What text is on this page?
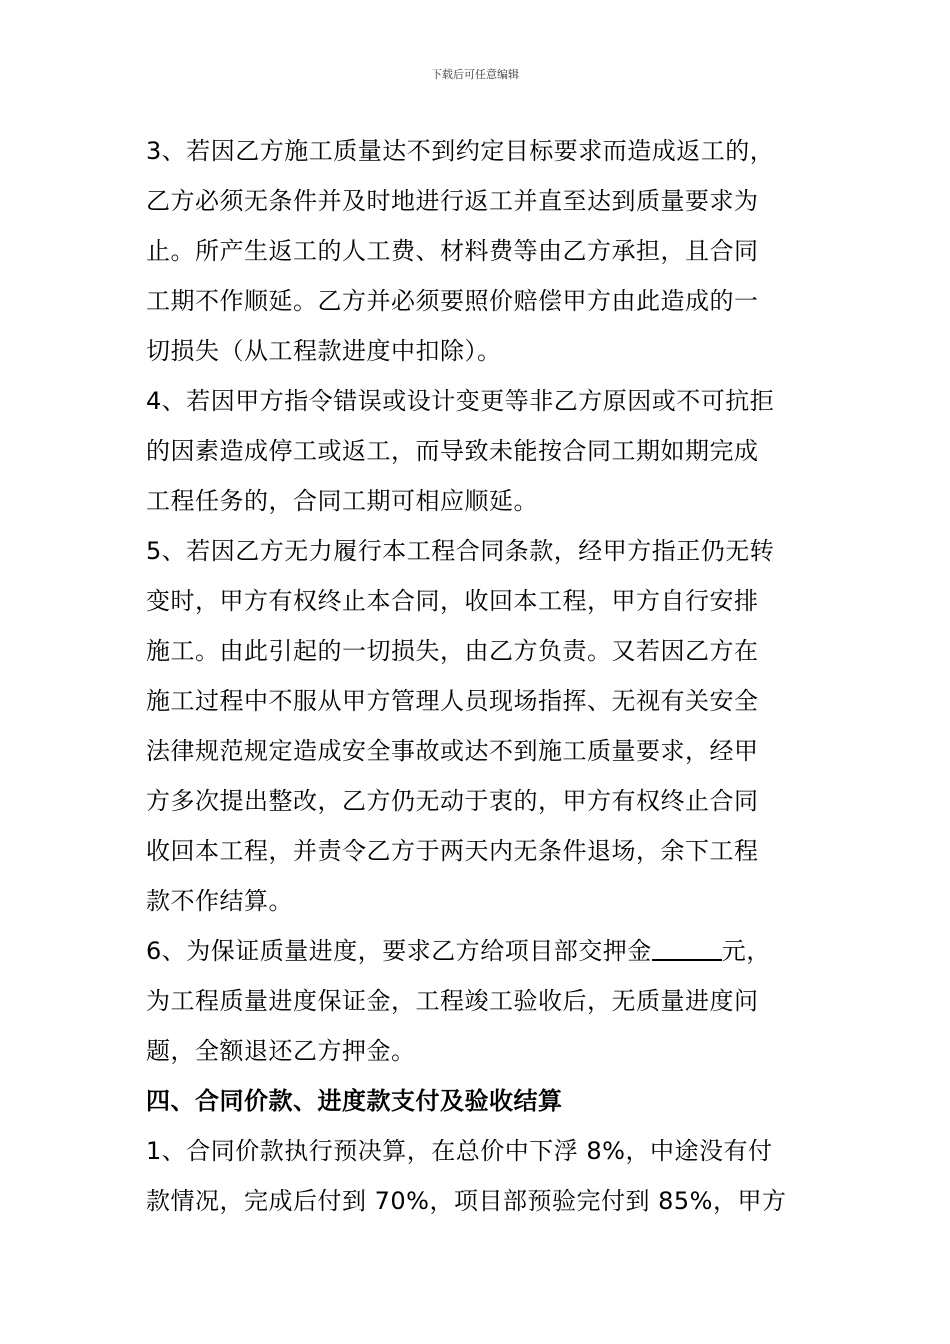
下载后可任意编辑
3、若因乙方施工质量达不到约定目标要求而造成返工的，
乙方必须无条件并及时地进行返工并直至达到质量要求为
止。所产生返工的人工费、材料费等由乙方承担，且合同
工期不作顺延。乙方并必须要照价赔偿甲方由此造成的一
切损失（从工程款进度中扣除）。
4、若因甲方指令错误或设计变更等非乙方原因或不可抗拒
的因素造成停工或返工，而导致未能按合同工期如期完成
工程任务的，合同工期可相应顺延。
5、若因乙方无力履行本工程合同条款，经甲方指正仍无转
变时，甲方有权终止本合同，收回本工程，甲方自行安排
施工。由此引起的一切损失，由乙方负责。又若因乙方在
施工过程中不服从甲方管理人员现场指挥、无视有关安全
法律规范规定造成安全事故或达不到施工质量要求，经甲
方多次提出整改，乙方仍无动于衷的，甲方有权终止合同
收回本工程，并责令乙方于两天内无条件退场，余下工程
款不作结算。
6、为保证质量进度，要求乙方给项目部交押金	元，
为工程质量进度保证金，工程竣工验收后，无质量进度问
题，全额退还乙方押金。
四、合同价款、进度款支付及验收结算
1、合同价款执行预决算，在总价中下浮 8%，中途没有付
款情况，完成后付到 70%，项目部预验完付到 85%，甲方
